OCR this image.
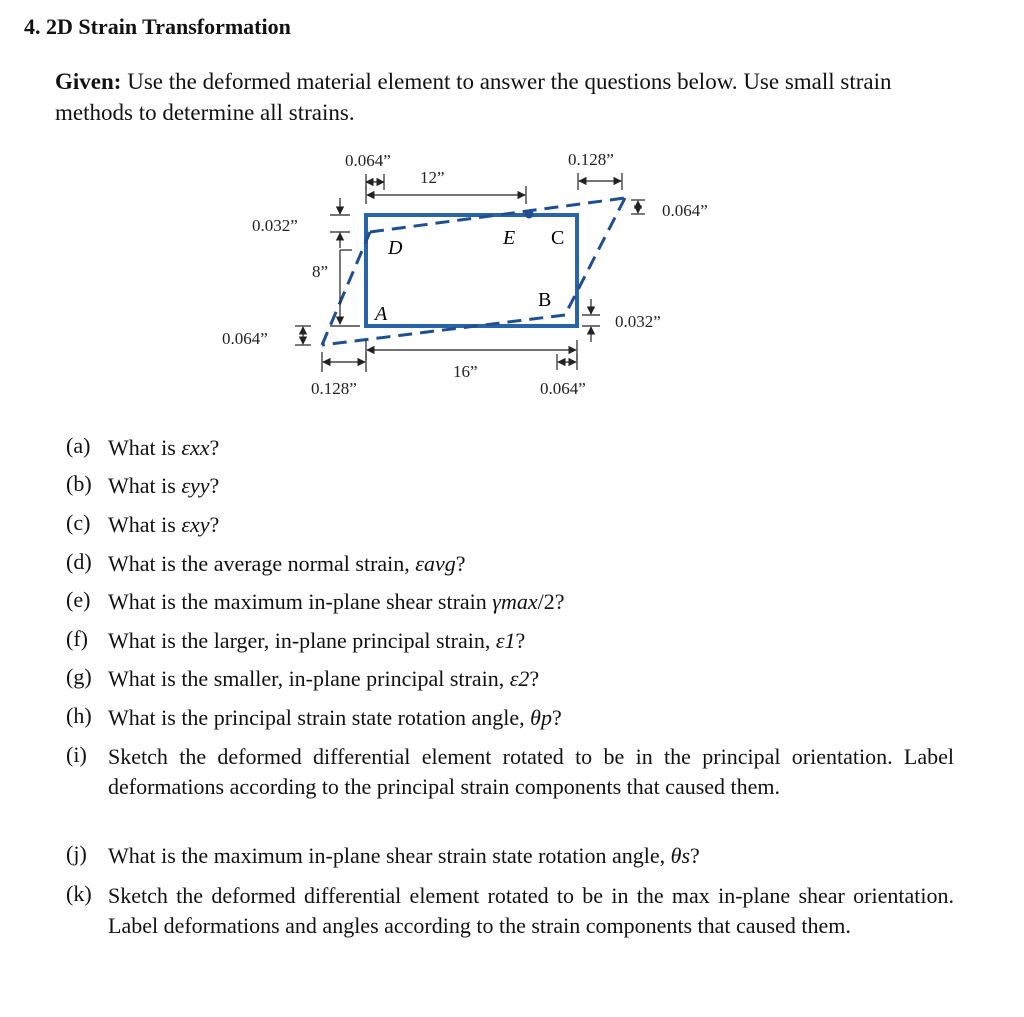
4. 2D Strain Transformation
Given: Use the deformed material element to answer the questions below. Use small strain methods to determine all strains.
D	E C
B
A
0.064”
12”
0.128”
0.064”
0.032”
8”
0.064”
0.032”
16”
0.128”	0.064”
(a) What is εxx?
(b) What is εyy?
(c) What is εxy?
(d) What is the average normal strain, εavg?
(e) What is the maximum in-plane shear strain γmax/2?
(f) What is the larger, in-plane principal strain, ε1?
(g) What is the smaller, in-plane principal strain, ε2?
(h) What is the principal strain state rotation angle, θp?
(i) Sketch the deformed differential element rotated to be in the principal orientation. Label deformations according to the principal strain components that caused them.
(j) What is the maximum in-plane shear strain state rotation angle, θs?
(k) Sketch the deformed differential element rotated to be in the max in-plane shear orientation. Label deformations and angles according to the strain components that caused them.
